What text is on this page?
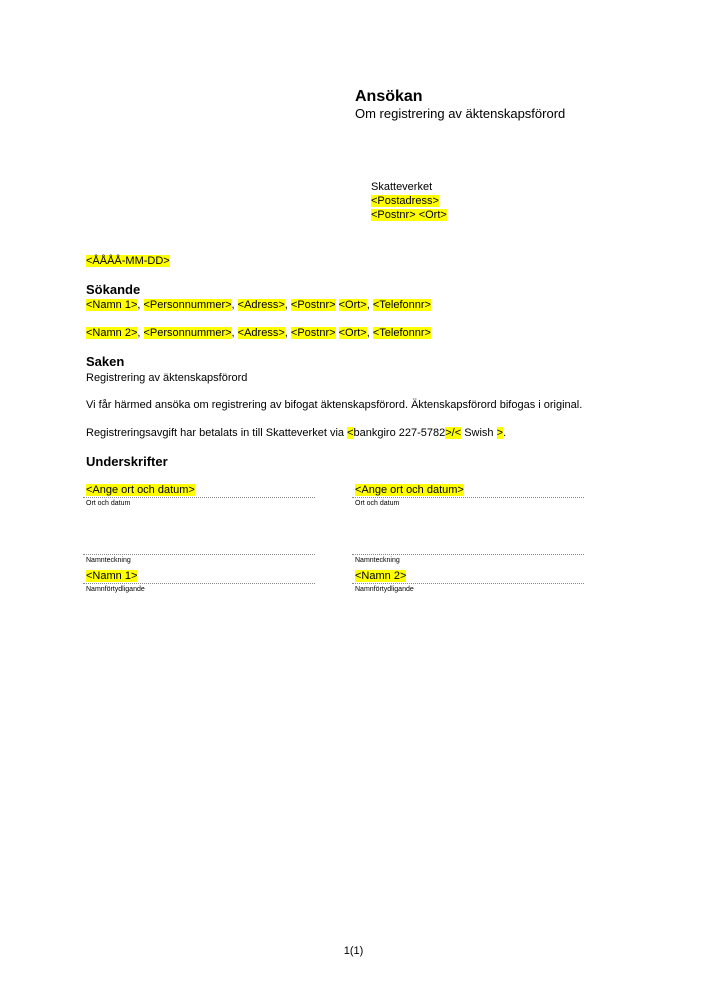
Ansökan
Om registrering av äktenskapsförord
Skatteverket
<Postadress>
<Postnr> <Ort>
<ÅÅÅÅ-MM-DD>
Sökande
<Namn 1>, <Personnummer>, <Adress>, <Postnr> <Ort>, <Telefonnr>
<Namn 2>, <Personnummer>, <Adress>, <Postnr> <Ort>, <Telefonnr>
Saken
Registrering av äktenskapsförord
Vi får härmed ansöka om registrering av bifogat äktenskapsförord. Äktenskapsförord bifogas i original.
Registreringsavgift har betalats in till Skatteverket via <bankgiro 227-5782>/< Swish >.
Underskrifter
<Ange ort och datum>
Ort och datum
Namnteckning
<Namn 1>
Namnförtydligande
<Ange ort och datum>
Ort och datum
Namnteckning
<Namn 2>
Namnförtydligande
1(1)
